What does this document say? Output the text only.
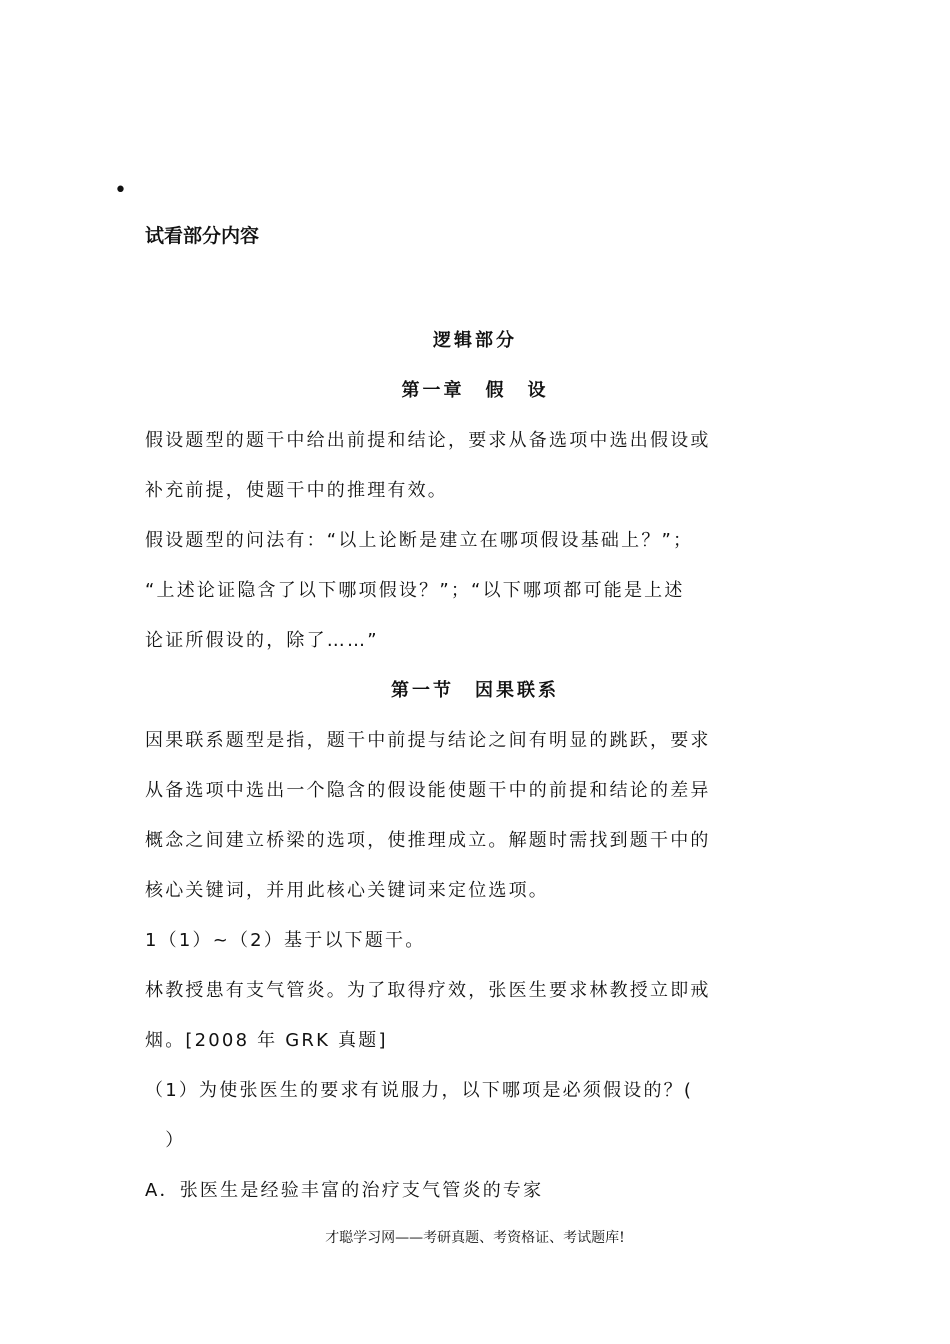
•
试看部分内容
逻辑部分
第一章　假　设
假设题型的题干中给出前提和结论，要求从备选项中选出假设或
补充前提，使题干中的推理有效。
假设题型的问法有：“以上论断是建立在哪项假设基础上？”；
“上述论证隐含了以下哪项假设？”；“以下哪项都可能是上述
论证所假设的，除了……”
第一节　因果联系
因果联系题型是指，题干中前提与结论之间有明显的跳跃，要求
从备选项中选出一个隐含的假设能使题干中的前提和结论的差异
概念之间建立桥梁的选项，使推理成立。解题时需找到题干中的
核心关键词，并用此核心关键词来定位选项。
1（1）~（2）基于以下题干。
林教授患有支气管炎。为了取得疗效，张医生要求林教授立即戒
烟。[2008 年 GRK 真题]
（1）为使张医生的要求有说服力，以下哪项是必须假设的？(
　）
A．张医生是经验丰富的治疗支气管炎的专家
才聪学习网——考研真题、考资格证、考试题库!
